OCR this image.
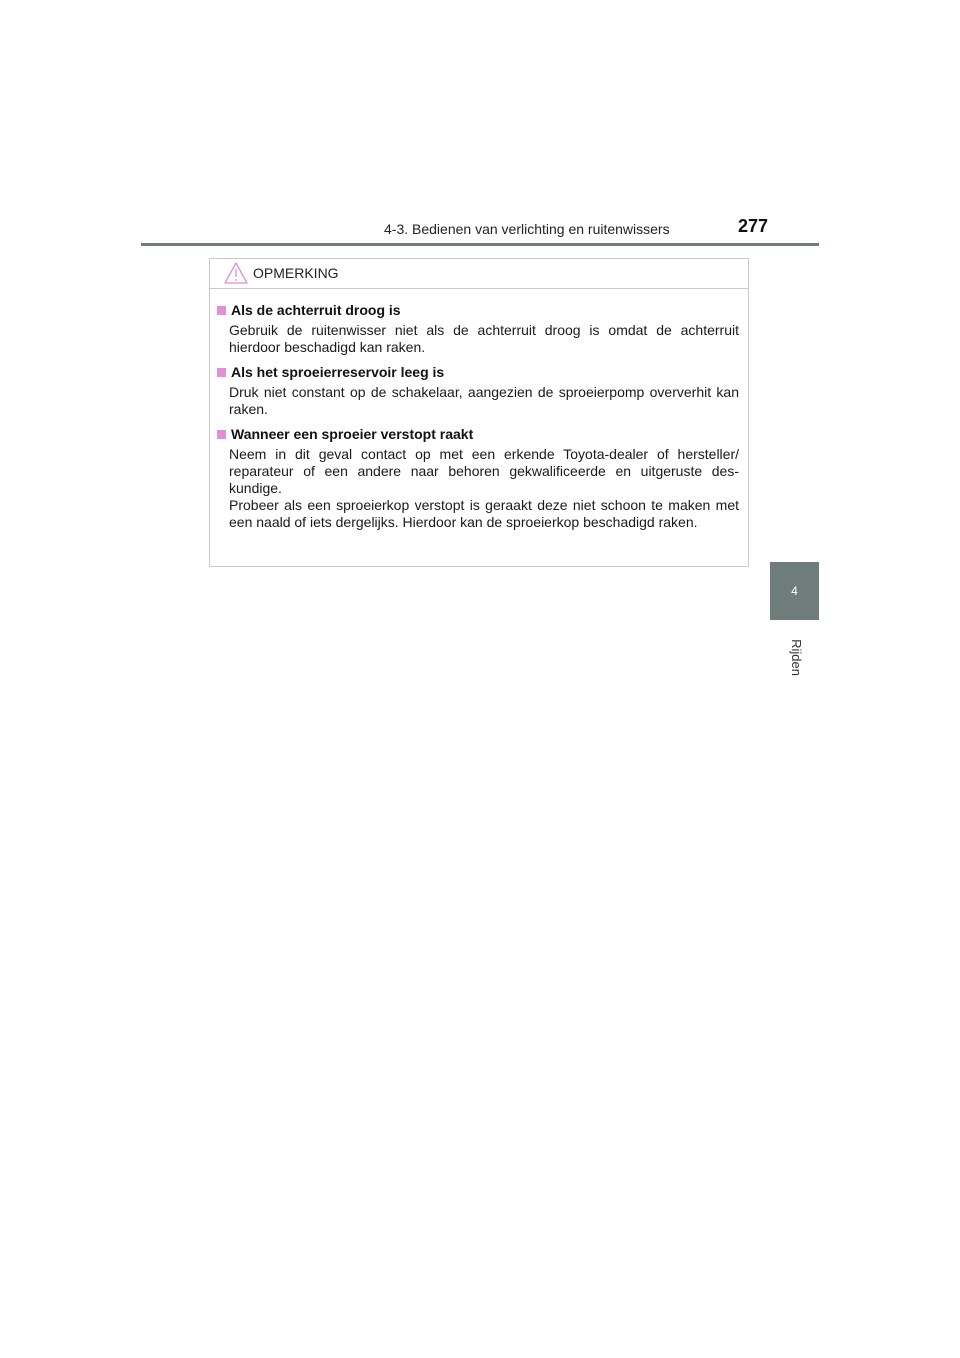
4-3. Bedienen van verlichting en ruitenwissers	277
4
Rijden
OPMERKING
Als de achterruit droog is

Gebruik de ruitenwisser niet als de achterruit droog is omdat de achterruit hierdoor beschadigd kan raken.

Als het sproeierreservoir leeg is

Druk niet constant op de schakelaar, aangezien de sproeierpomp oververhit kan raken.

Wanneer een sproeier verstopt raakt

Neem in dit geval contact op met een erkende Toyota-dealer of hersteller/ reparateur of een andere naar behoren gekwalificeerde en uitgeruste des-kundige.

Probeer als een sproeierkop verstopt is geraakt deze niet schoon te maken met een naald of iets dergelijks. Hierdoor kan de sproeierkop beschadigd raken.
